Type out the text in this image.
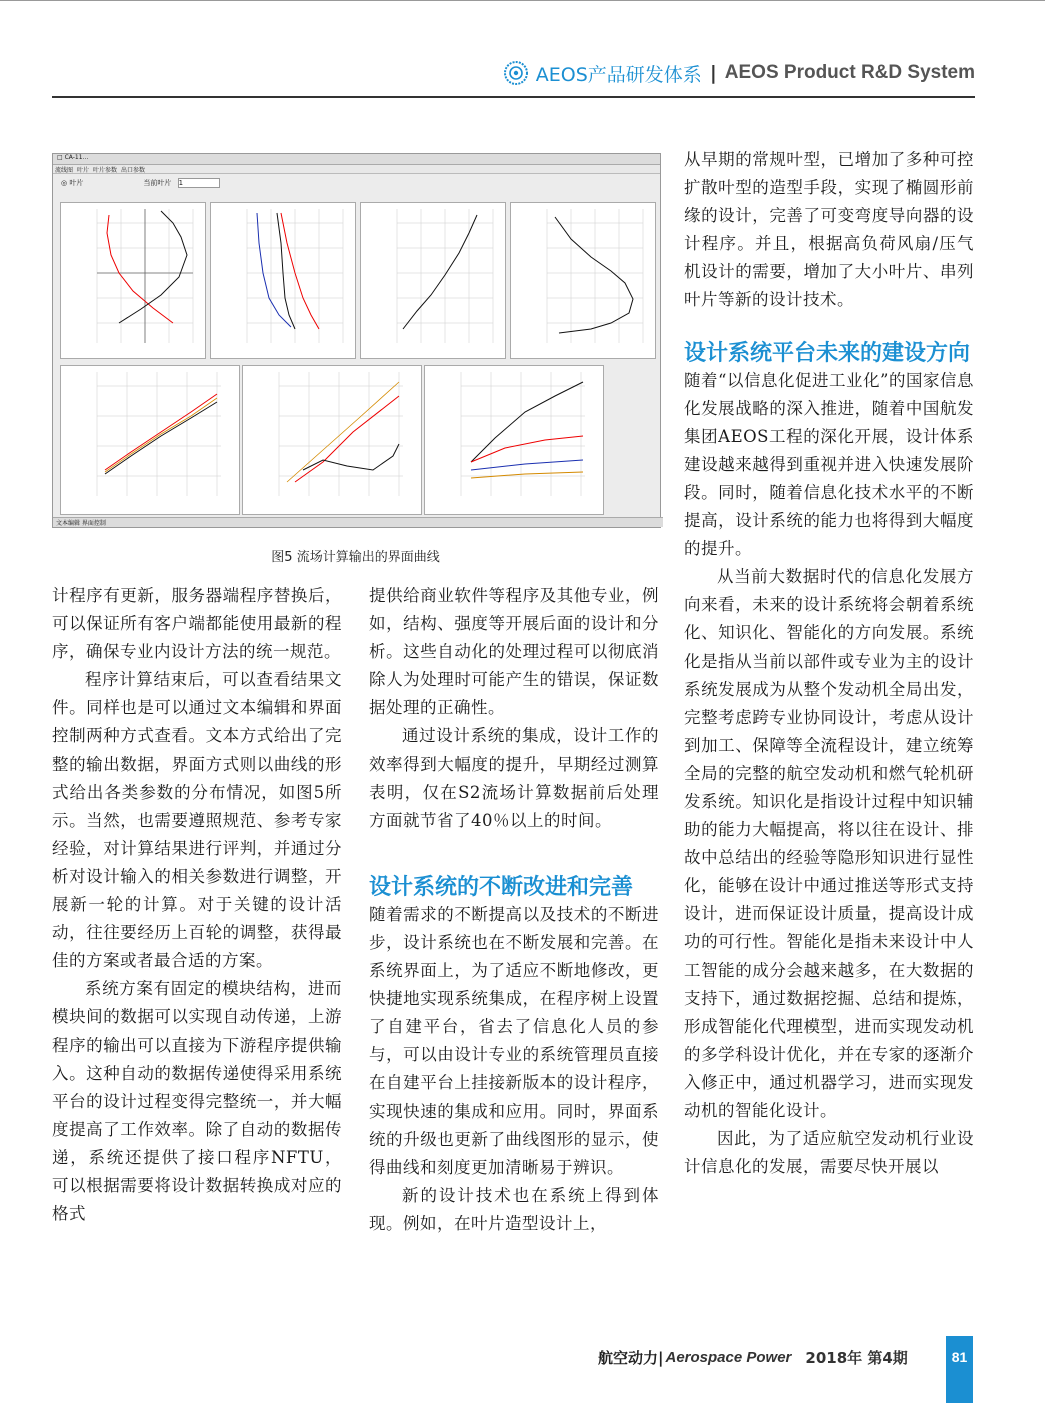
AEOS产品研发体系 | AEOS Product R&D System
□ CA-11...
流线图 叶片 叶片参数 出口参数
◎ 叶片	当前叶片 1
文本编辑 界面控制
图5 流场计算输出的界面曲线

计程序有更新，服务器端程序替换后，可以保证所有客户端都能使用最新的程序，确保专业内设计方法的统一规范。

程序计算结束后，可以查看结果文件。同样也是可以通过文本编辑和界面控制两种方式查看。文本方式给出了完整的输出数据，界面方式则以曲线的形式给出各类参数的分布情况，如图5所示。当然，也需要遵照规范、参考专家经验，对计算结果进行评判，并通过分析对设计输入的相关参数进行调整，开展新一轮的计算。对于关键的设计活动，往往要经历上百轮的调整，获得最佳的方案或者最合适的方案。

系统方案有固定的模块结构，进而模块间的数据可以实现自动传递，上游程序的输出可以直接为下游程序提供输入。这种自动的数据传递使得采用系统平台的设计过程变得完整统一，并大幅度提高了工作效率。除了自动的数据传递，系统还提供了接口程序NFTU，可以根据需要将设计数据转换成对应的格式

提供给商业软件等程序及其他专业，例如，结构、强度等开展后面的设计和分析。这些自动化的处理过程可以彻底消除人为处理时可能产生的错误，保证数据处理的正确性。

通过设计系统的集成，设计工作的效率得到大幅度的提升，早期经过测算表明，仅在S2流场计算数据前后处理方面就节省了40％以上的时间。

设计系统的不断改进和完善

随着需求的不断提高以及技术的不断进步，设计系统也在不断发展和完善。在系统界面上，为了适应不断地修改，更快捷地实现系统集成，在程序树上设置了自建平台，省去了信息化人员的参与，可以由设计专业的系统管理员直接在自建平台上挂接新版本的设计程序，实现快速的集成和应用。同时，界面系统的升级也更新了曲线图形的显示，使得曲线和刻度更加清晰易于辨识。

新的设计技术也在系统上得到体现。例如，在叶片造型设计上，

从早期的常规叶型，已增加了多种可控扩散叶型的造型手段，实现了椭圆形前缘的设计，完善了可变弯度导向器的设计程序。并且，根据高负荷风扇/压气机设计的需要，增加了大小叶片、串列叶片等新的设计技术。

设计系统平台未来的建设方向

随着“以信息化促进工业化”的国家信息化发展战略的深入推进，随着中国航发集团AEOS工程的深化开展，设计体系建设越来越得到重视并进入快速发展阶段。同时，随着信息化技术水平的不断提高，设计系统的能力也将得到大幅度的提升。

从当前大数据时代的信息化发展方向来看，未来的设计系统将会朝着系统化、知识化、智能化的方向发展。系统化是指从当前以部件或专业为主的设计系统发展成为从整个发动机全局出发，完整考虑跨专业协同设计，考虑从设计到加工、保障等全流程设计，建立统筹全局的完整的航空发动机和燃气轮机研发系统。知识化是指设计过程中知识辅助的能力大幅提高，将以往在设计、排故中总结出的经验等隐形知识进行显性化，能够在设计中通过推送等形式支持设计，进而保证设计质量，提高设计成功的可行性。智能化是指未来设计中人工智能的成分会越来越多，在大数据的支持下，通过数据挖掘、总结和提炼，形成智能化代理模型，进而实现发动机的多学科设计优化，并在专家的逐渐介入修正中，通过机器学习，进而实现发动机的智能化设计。

因此，为了适应航空发动机行业设计信息化的发展，需要尽快开展以

航空动力 | Aerospace Power 2018年 第4期	81
